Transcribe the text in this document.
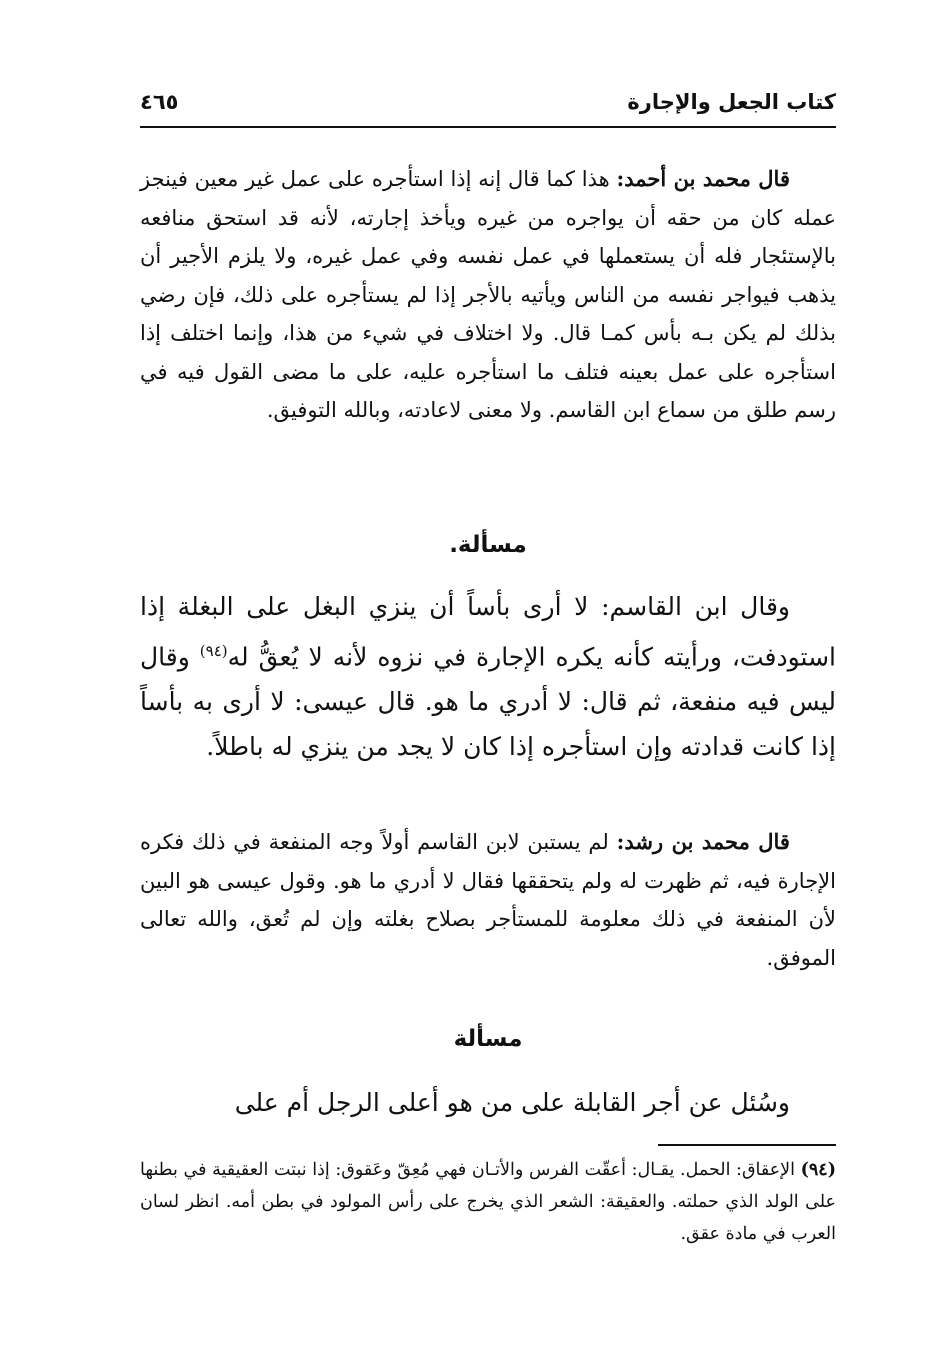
كتاب الجعل والإجارة
٤٦٥

قال محمد بن أحمد: هذا كما قال إنه إذا استأجره على عمل غير معين فينجز عمله كان من حقه أن يواجره من غيره ويأخذ إجارته، لأنه قد استحق منافعه بالإستئجار فله أن يستعملها في عمل نفسه وفي عمل غيره، ولا يلزم الأجير أن يذهب فيواجر نفسه من الناس ويأتيه بالأجر إذا لم يستأجره على ذلك، فإن رضي بذلك لم يكن بـه بأس كمـا قال. ولا اختلاف في شيء من هذا، وإنما اختلف إذا استأجره على عمل بعينه فتلف ما استأجره عليه، على ما مضى القول فيه في رسم طلق من سماع ابن القاسم. ولا معنى لاعادته، وبالله التوفيق.

مسألة.

وقال ابن القاسم: لا أرى بأساً أن ينزي البغل على البغلة إذا استودفت، ورأيته كأنه يكره الإجارة في نزوه لأنه لا يُعقُّ له$^{(٩٤)}$ وقال ليس فيه منفعة، ثم قال: لا أدري ما هو. قال عيسى: لا أرى به بأساً إذا كانت قدادته وإن استأجره إذا كان لا يجد من ينزي له باطلاً.

قال محمد بن رشد: لم يستبن لابن القاسم أولاً وجه المنفعة في ذلك فكره الإجارة فيه، ثم ظهرت له ولم يتحققها فقال لا أدري ما هو. وقول عيسى هو البين لأن المنفعة في ذلك معلومة للمستأجر بصلاح بغلته وإن لم تُعق، والله تعالى الموفق.

مسألة

وسُئل عن أجر القابلة على من هو أعلى الرجل أم على

(٩٤) الإعقاق: الحمل. يقـال: أعقّت الفرس والأتـان فهي مُعِقّ وعَقوق: إذا نبتت العقيقية في بطنها على الولد الذي حملته. والعقيقة: الشعر الذي يخرج على رأس المولود في بطن أمه. انظر لسان العرب في مادة عقق.
